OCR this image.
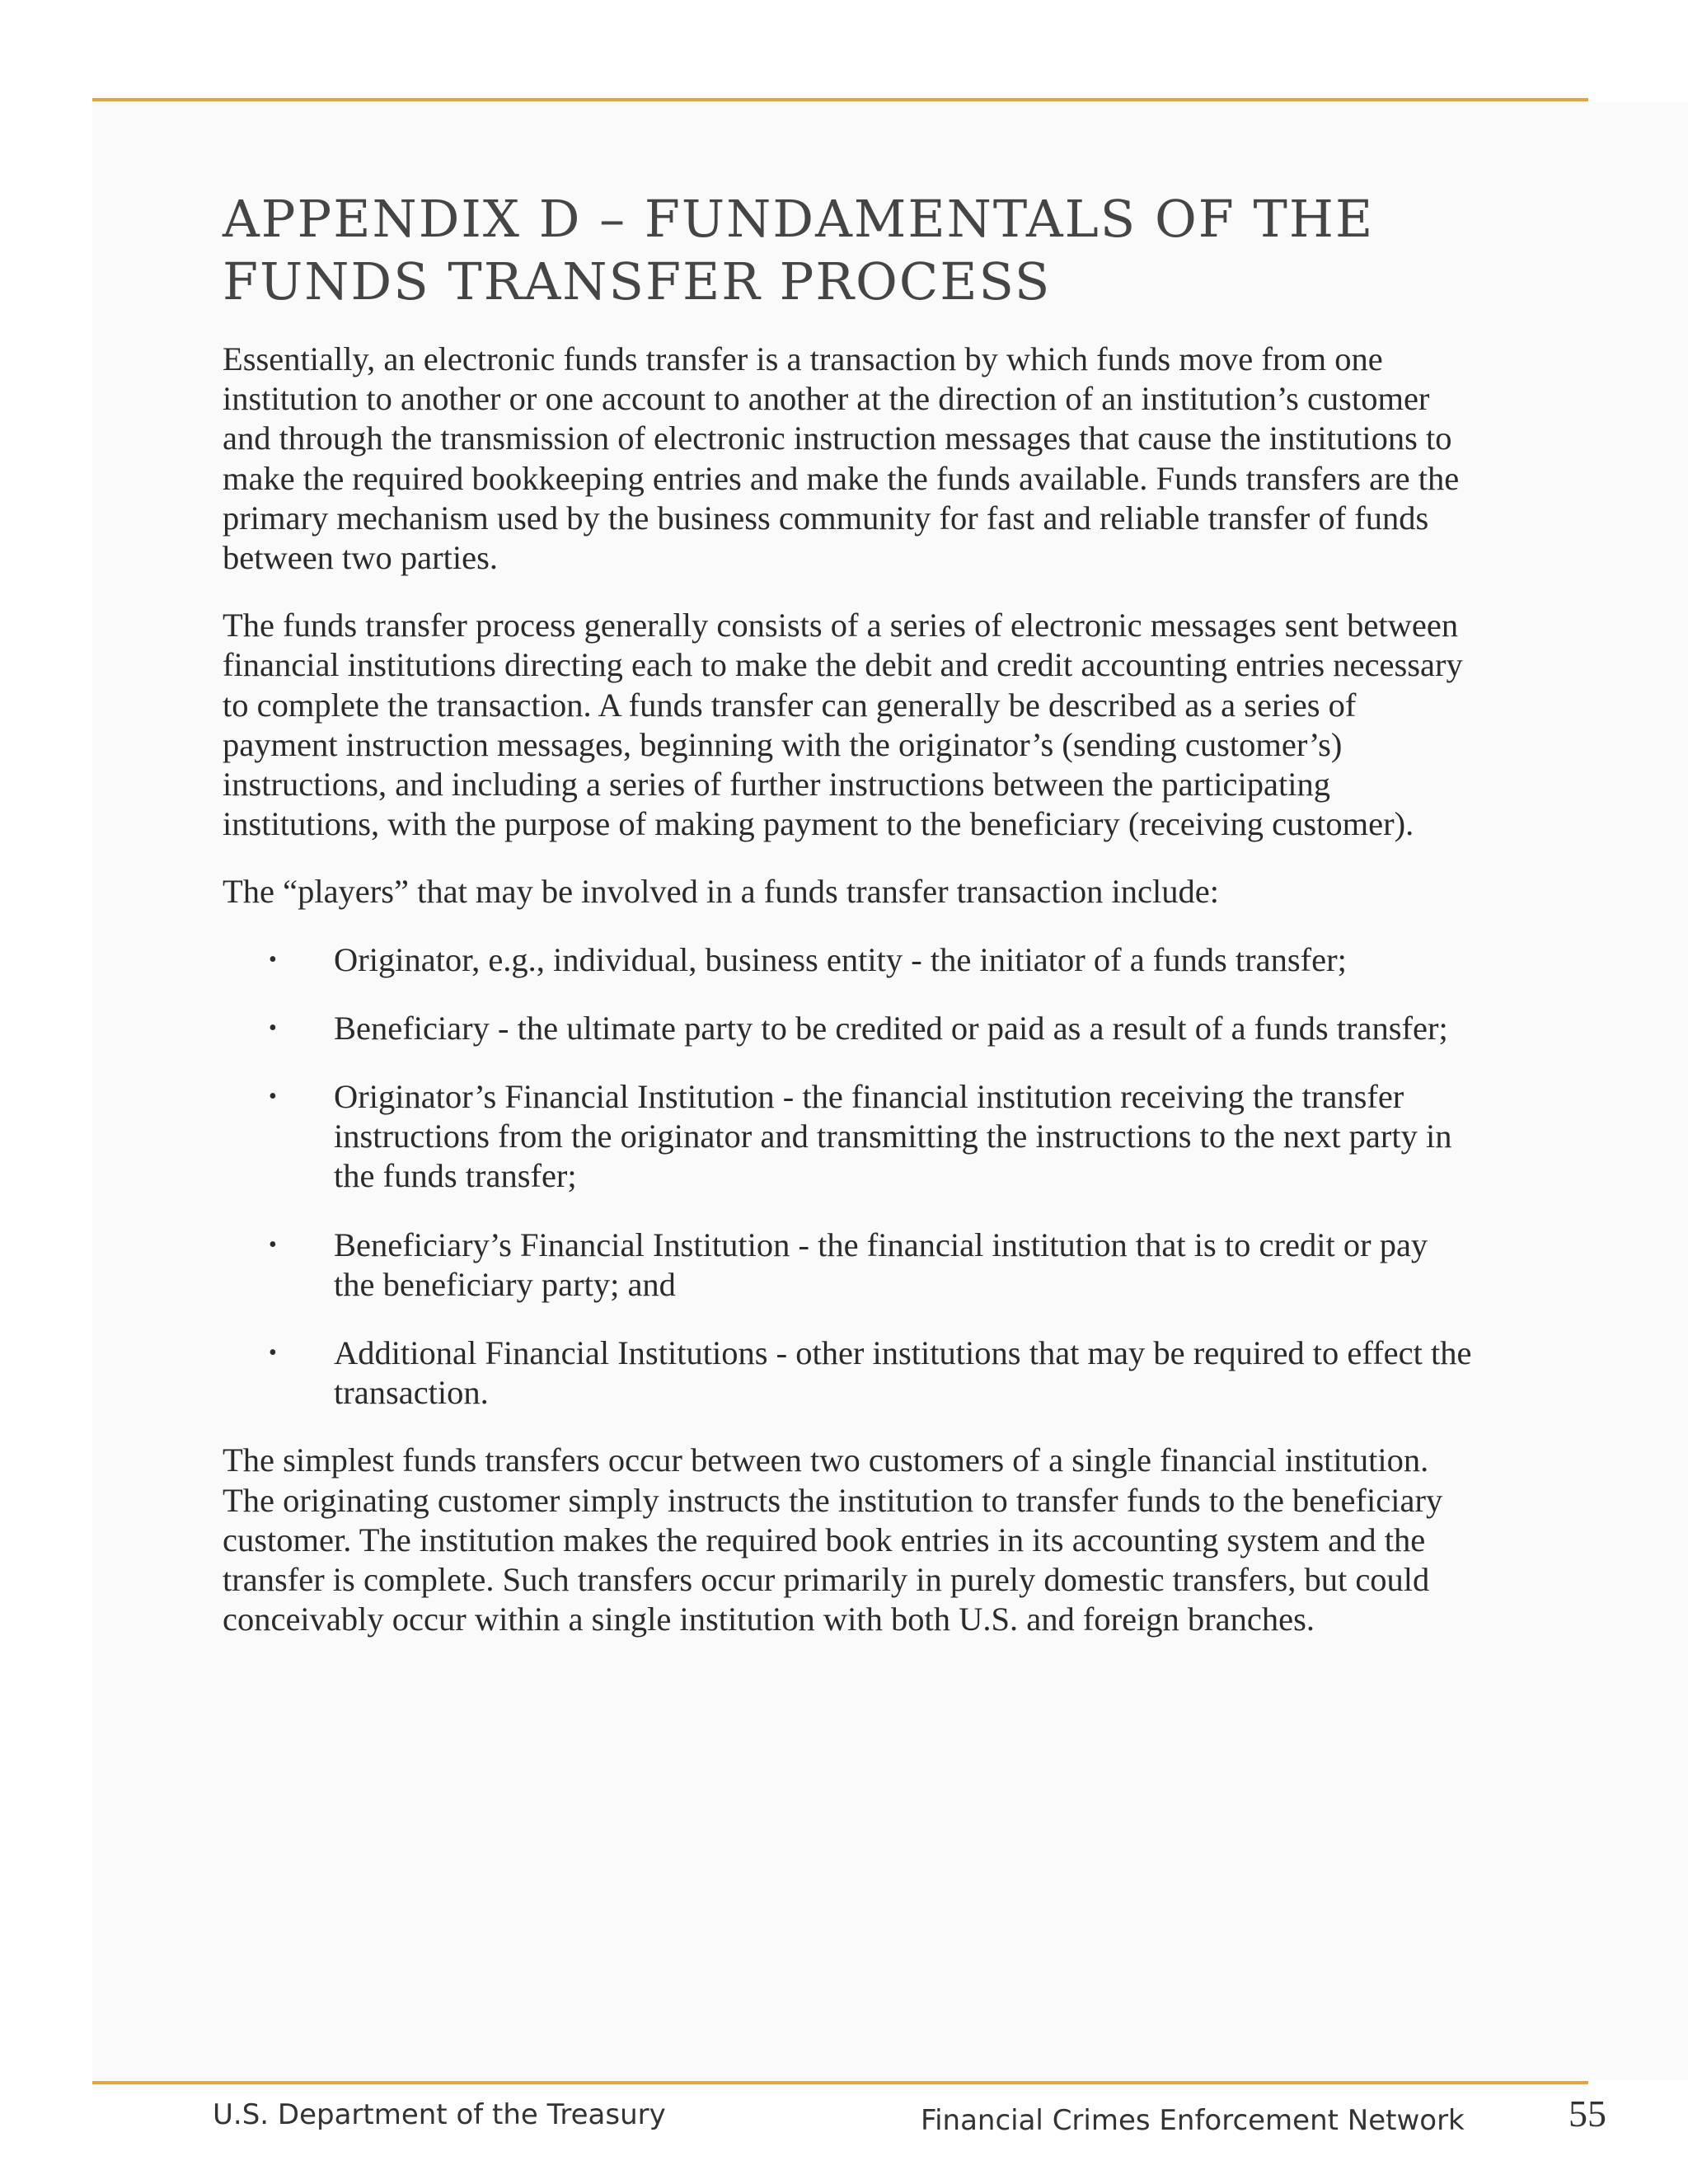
APPENDIX D – FUNDAMENTALS OF THE
FUNDS TRANSFER PROCESS

Essentially, an electronic funds transfer is a transaction by which funds move from one institution to another or one account to another at the direction of an institution’s customer and through the transmission of electronic instruction messages that cause the institutions to make the required bookkeeping entries and make the funds available. Funds transfers are the primary mechanism used by the business community for fast and reliable transfer of funds between two parties.

The funds transfer process generally consists of a series of electronic messages sent between financial institutions directing each to make the debit and credit accounting entries necessary to complete the transaction. A funds transfer can generally be described as a series of payment instruction messages, beginning with the originator’s (sending customer’s) instructions, and including a series of further instructions between the participating institutions, with the purpose of making payment to the beneficiary (receiving customer).

The “players” that may be involved in a funds transfer transaction include:

• Originator, e.g., individual, business entity - the initiator of a funds transfer;
• Beneficiary - the ultimate party to be credited or paid as a result of a funds transfer;
• Originator’s Financial Institution - the financial institution receiving the transfer instructions from the originator and transmitting the instructions to the next party in the funds transfer;
• Beneficiary’s Financial Institution - the financial institution that is to credit or pay the beneficiary party; and
• Additional Financial Institutions - other institutions that may be required to effect the transaction.

The simplest funds transfers occur between two customers of a single financial institution. The originating customer simply instructs the institution to transfer funds to the beneficiary customer. The institution makes the required book entries in its accounting system and the transfer is complete. Such transfers occur primarily in purely domestic transfers, but could conceivably occur within a single institution with both U.S. and foreign branches.

U.S. Department of the Treasury	Financial Crimes Enforcement Network	55
